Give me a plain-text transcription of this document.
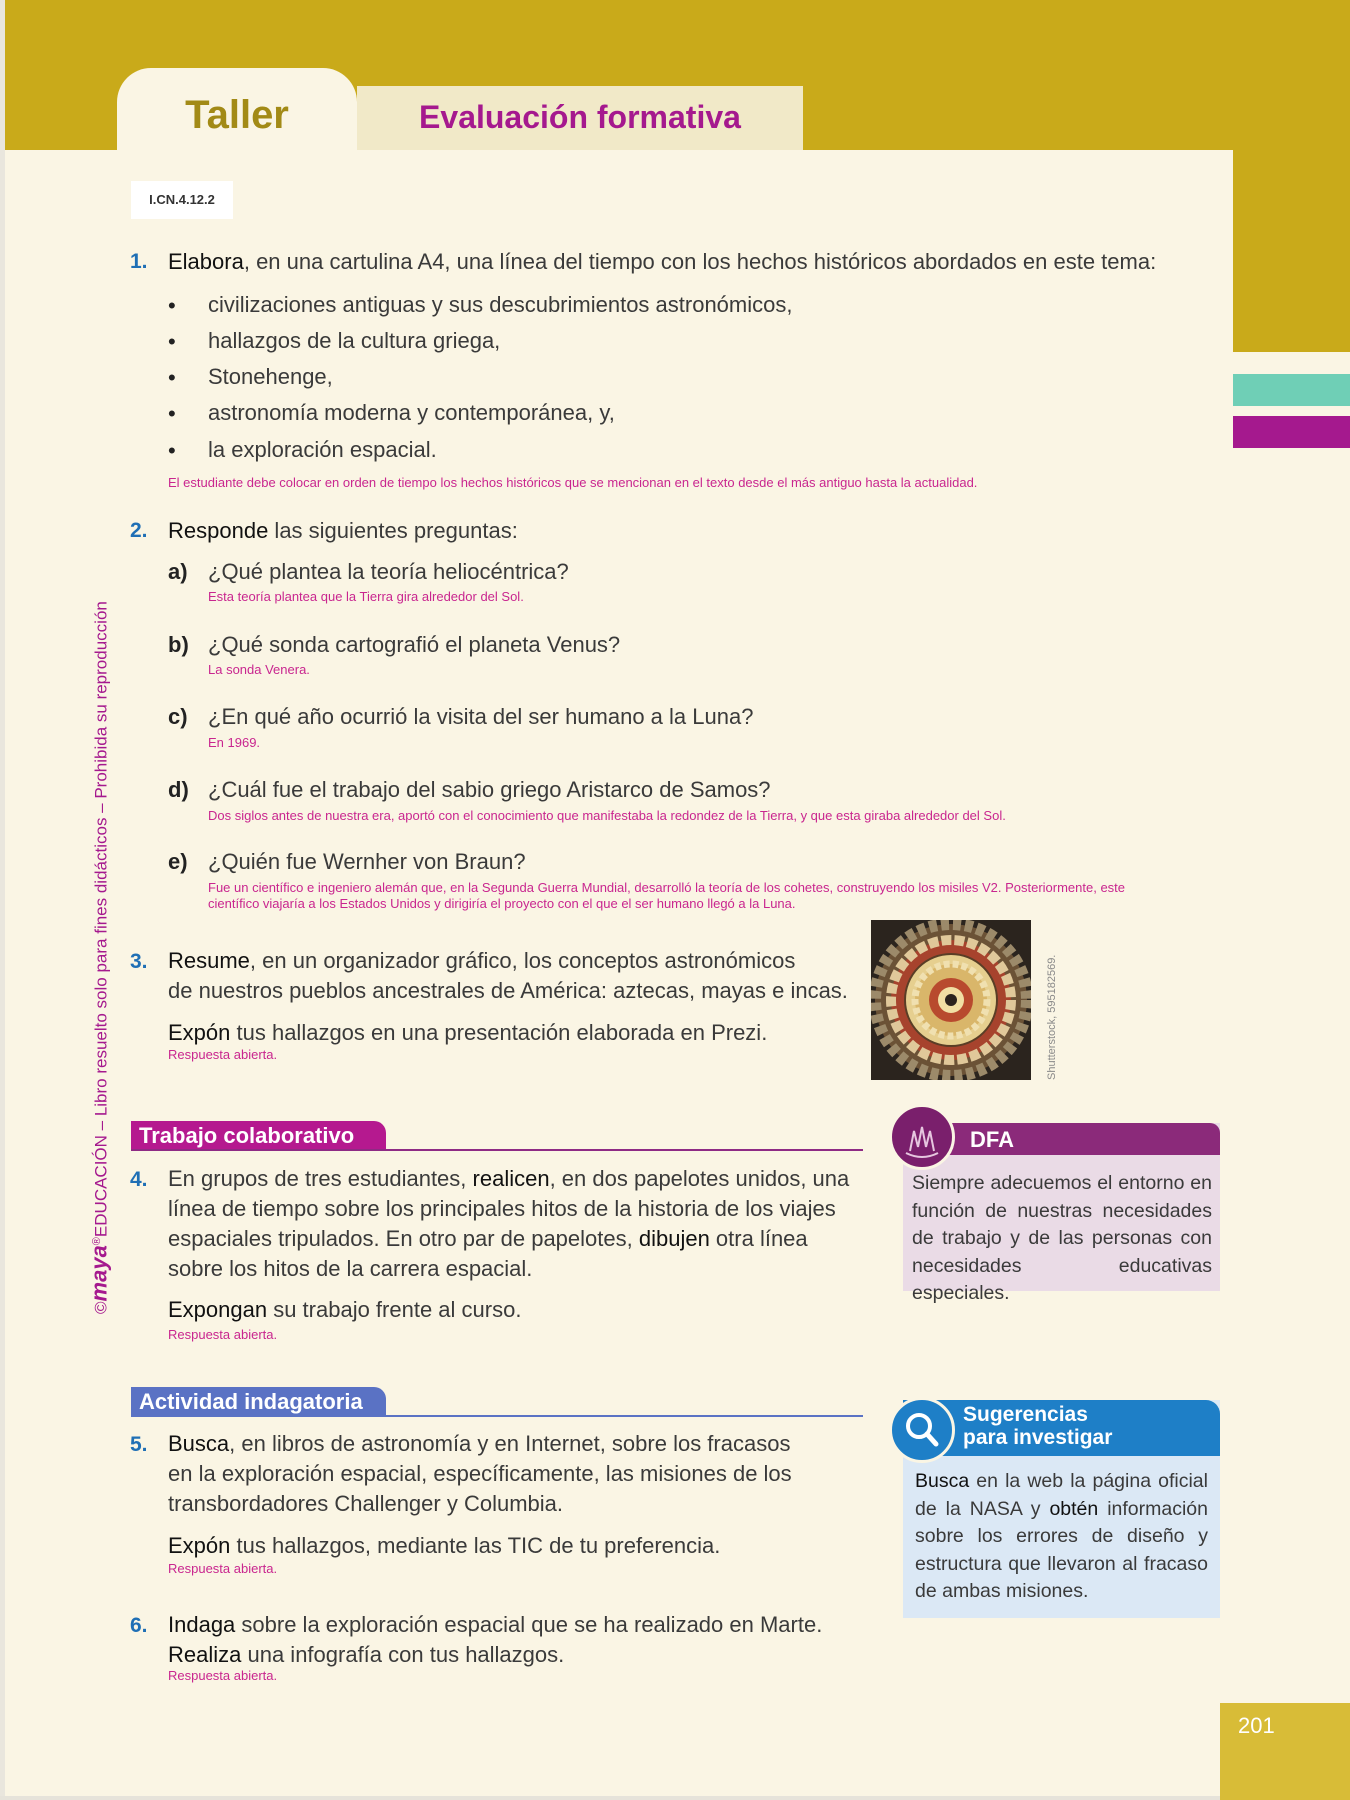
Taller	Evaluación formativa
I.CN.4.12.2
©maya®EDUCACIÓN – Libro resuelto solo para fines didácticos – Prohibida su reproducción
1. Elabora, en una cartulina A4, una línea del tiempo con los hechos históricos abordados en este tema:
• civilizaciones antiguas y sus descubrimientos astronómicos,
• hallazgos de la cultura griega,
• Stonehenge,
• astronomía moderna y contemporánea, y,
• la exploración espacial.
El estudiante debe colocar en orden de tiempo los hechos históricos que se mencionan en el texto desde el más antiguo hasta la actualidad.
2. Responde las siguientes preguntas:
a) ¿Qué plantea la teoría heliocéntrica?
Esta teoría plantea que la Tierra gira alrededor del Sol.
b) ¿Qué sonda cartografió el planeta Venus?
La sonda Venera.
c) ¿En qué año ocurrió la visita del ser humano a la Luna?
En 1969.
d) ¿Cuál fue el trabajo del sabio griego Aristarco de Samos?
Dos siglos antes de nuestra era, aportó con el conocimiento que manifestaba la redondez de la Tierra, y que esta giraba alrededor del Sol.
e) ¿Quién fue Wernher von Braun?
Fue un científico e ingeniero alemán que, en la Segunda Guerra Mundial, desarrolló la teoría de los cohetes, construyendo los misiles V2. Posteriormente, este
científico viajaría a los Estados Unidos y dirigiría el proyecto con el que el ser humano llegó a la Luna.
3. Resume, en un organizador gráfico, los conceptos astronómicos
de nuestros pueblos ancestrales de América: aztecas, mayas e incas.
Expón tus hallazgos en una presentación elaborada en Prezi.
Respuesta abierta.	Shutterstock, 595182569.
Trabajo colaborativo
4. En grupos de tres estudiantes, realicen, en dos papelotes unidos, una
línea de tiempo sobre los principales hitos de la historia de los viajes
espaciales tripulados. En otro par de papelotes, dibujen otra línea
sobre los hitos de la carrera espacial.
Expongan su trabajo frente al curso.
Respuesta abierta.
DFA
Siempre adecuemos el entorno en función de nuestras necesidades de trabajo y de las personas con necesidades educativas especiales.
Actividad indagatoria
5. Busca, en libros de astronomía y en Internet, sobre los fracasos
en la exploración espacial, específicamente, las misiones de los
transbordadores Challenger y Columbia.
Expón tus hallazgos, mediante las TIC de tu preferencia.
Respuesta abierta.
6. Indaga sobre la exploración espacial que se ha realizado en Marte.
Realiza una infografía con tus hallazgos.
Respuesta abierta.
Sugerencias
para investigar
Busca en la web la página oficial de la NASA y obtén información sobre los errores de diseño y estructura que llevaron al fracaso de ambas misiones.
201
